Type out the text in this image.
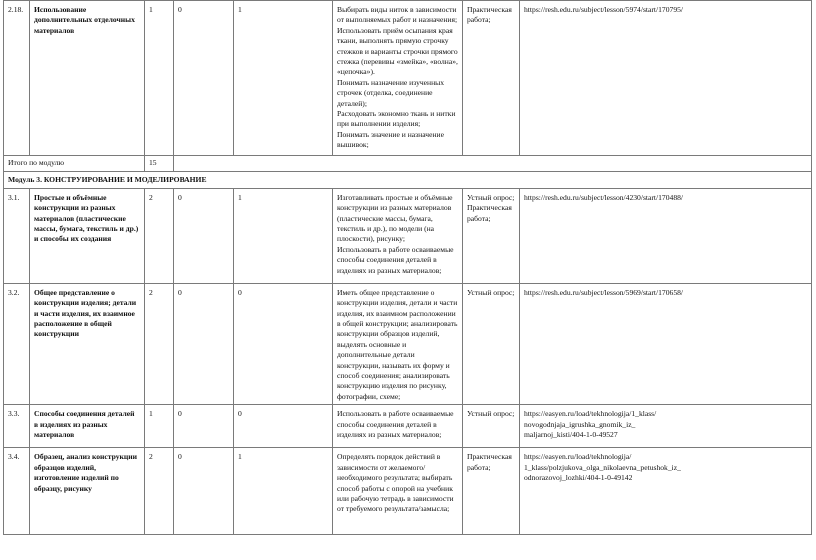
2.18.	Использование дополнительных отделочных материалов	1	0	1	Выбирать виды ниток в зависимости от выполняемых работ и назначения;
Использовать приём осыпания края ткани, выполнять прямую строчку стежков и варианты строчки прямого стежка (перевивы «змейка», «волна», «цепочка»).
Понимать назначение изученных строчек (отделка, соединение деталей);
Расходовать экономно ткань и нитки при выполнении изделия;
Понимать значение и назначение вышивок;	Практическая работа;	https://resh.edu.ru/subject/lesson/5974/start/170795/
Итого по модулю		15					
Модуль 3. КОНСТРУИРОВАНИЕ И МОДЕЛИРОВАНИЕ							
3.1.	Простые и объёмные конструкции из разных материалов (пластические массы, бумага, текстиль и др.) и способы их создания	2	0	1	Изготавливать простые и объёмные конструкции из разных материалов (пластические массы, бумага, текстиль и др.), по модели (на плоскости), рисунку;
Использовать в работе осваиваемые способы соединения деталей в изделиях из разных материалов;	Устный опрос;
Практическая работа;	https://resh.edu.ru/subject/lesson/4230/start/170488/
3.2.	Общее представление о конструкции изделия; детали и части изделия, их взаимное расположение в общей конструкции	2	0	0	Иметь общее представление о конструкции изделия, детали и части изделия, их взаимном расположении в общей конструкции; анализировать конструкции образцов изделий, выделять основные и дополнительные детали конструкции, называть их форму и способ соединения; анализировать конструкцию изделия по рисунку, фотографии, схеме;	Устный опрос;	https://resh.edu.ru/subject/lesson/5969/start/170658/
3.3.	Способы соединения деталей в изделиях из разных материалов	1	0	0	Использовать в работе осваиваемые способы соединения деталей в изделиях из разных материалов;	Устный опрос;	https://easyen.ru/load/tekhnologija/1_klass/
novogodnjaja_igrushka_gnomik_iz_
maljarnoj_kisti/404-1-0-49527
3.4.	Образец, анализ конструкции образцов изделий, изготовление изделий по образцу, рисунку	2	0	1	Определять порядок действий в зависимости от желаемого/необходимого результата; выбирать способ работы с опорой на учебник или рабочую тетрадь в зависимости от требуемого результата/замысла;	Практическая работа;	https://easyen.ru/load/tekhnologija/
1_klass/polzjukova_olga_nikolaevna_petushok_iz_
odnorazovoj_lozhki/404-1-0-49142
